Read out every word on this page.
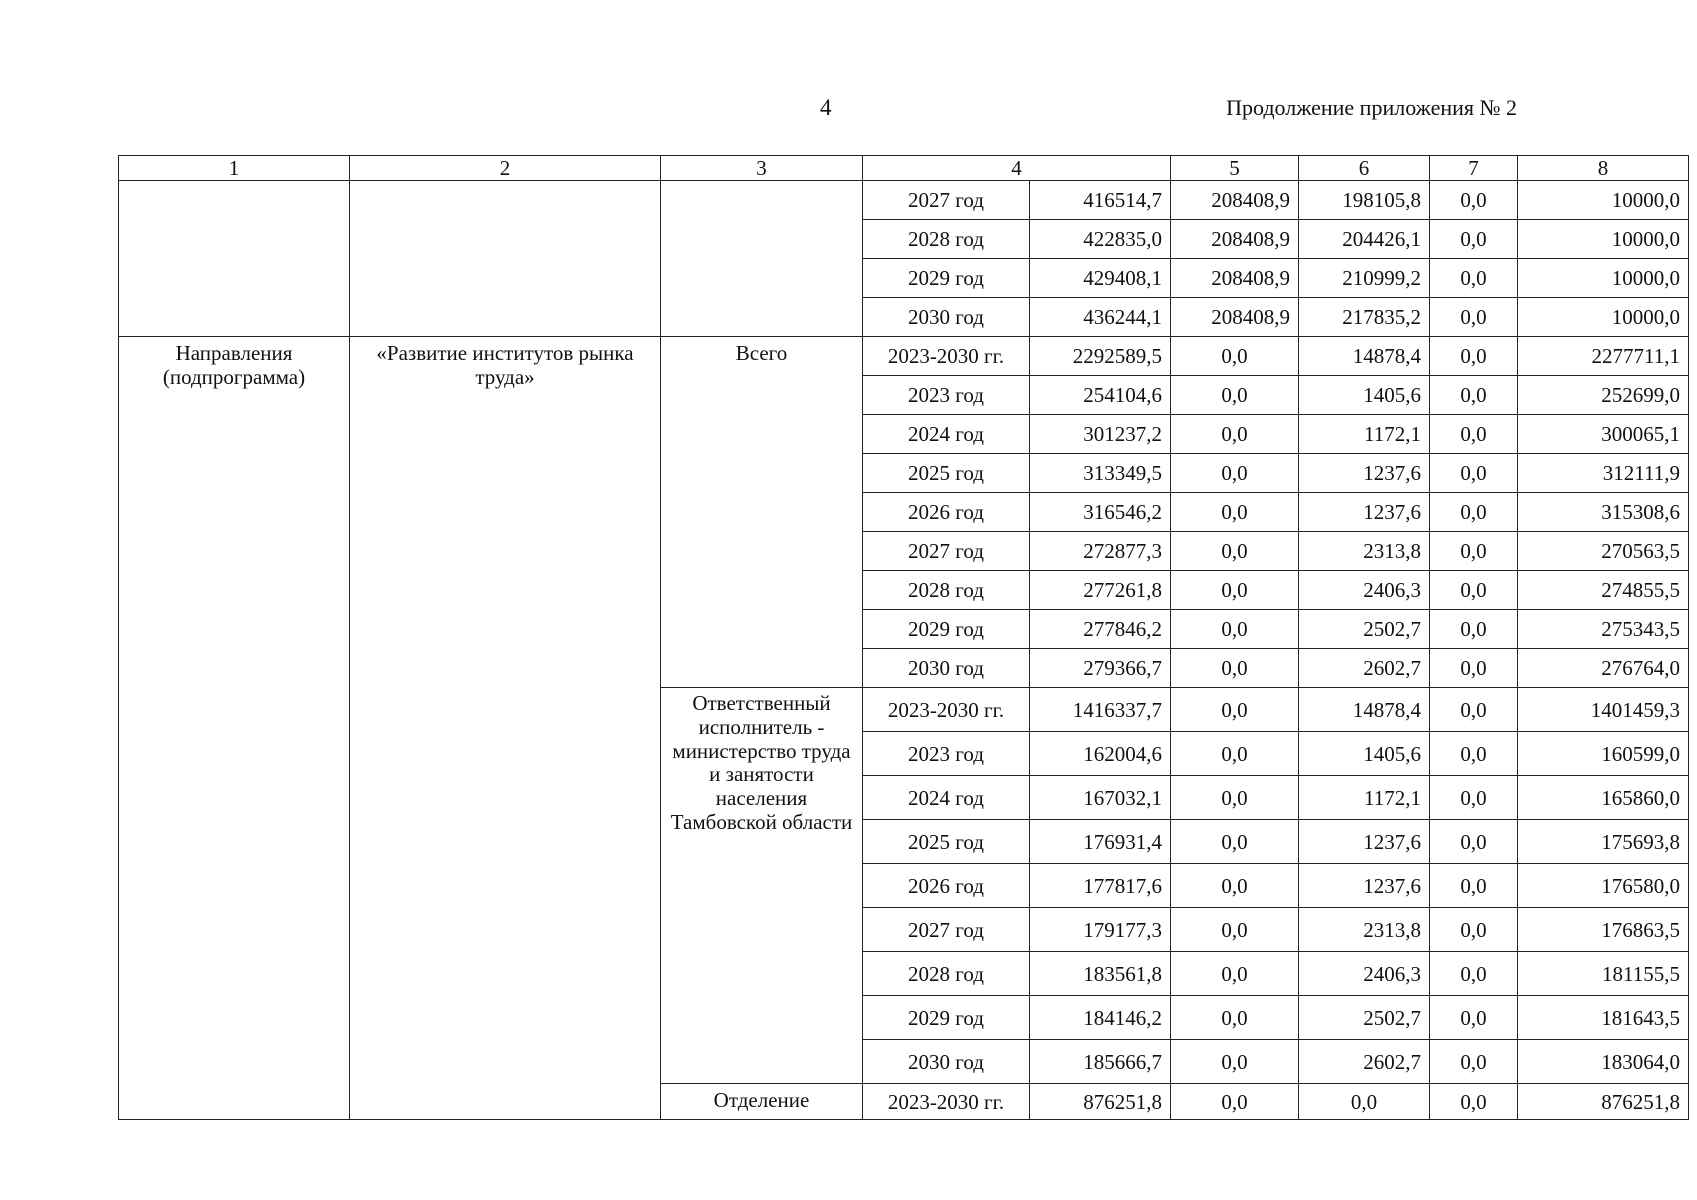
4	Продолжение приложения № 2
1	2	3	4		5	6	7	8
			2027 год	416514,7	208408,9	198105,8	0,0	10000,0
			2028 год	422835,0	208408,9	204426,1	0,0	10000,0
			2029 год	429408,1	208408,9	210999,2	0,0	10000,0
			2030 год	436244,1	208408,9	217835,2	0,0	10000,0
Направления (подпрограмма)	«Развитие институтов рынка труда»	Всего	2023-2030 гг.	2292589,5	0,0	14878,4	0,0	2277711,1
			2023 год	254104,6	0,0	1405,6	0,0	252699,0
			2024 год	301237,2	0,0	1172,1	0,0	300065,1
			2025 год	313349,5	0,0	1237,6	0,0	312111,9
			2026 год	316546,2	0,0	1237,6	0,0	315308,6
			2027 год	272877,3	0,0	2313,8	0,0	270563,5
			2028 год	277261,8	0,0	2406,3	0,0	274855,5
			2029 год	277846,2	0,0	2502,7	0,0	275343,5
			2030 год	279366,7	0,0	2602,7	0,0	276764,0
		Ответственный исполнитель - министерство труда и занятости населения Тамбовской области	2023-2030 гг.	1416337,7	0,0	14878,4	0,0	1401459,3
			2023 год	162004,6	0,0	1405,6	0,0	160599,0
			2024 год	167032,1	0,0	1172,1	0,0	165860,0
			2025 год	176931,4	0,0	1237,6	0,0	175693,8
			2026 год	177817,6	0,0	1237,6	0,0	176580,0
			2027 год	179177,3	0,0	2313,8	0,0	176863,5
			2028 год	183561,8	0,0	2406,3	0,0	181155,5
			2029 год	184146,2	0,0	2502,7	0,0	181643,5
			2030 год	185666,7	0,0	2602,7	0,0	183064,0
		Отделение	2023-2030 гг.	876251,8	0,0	0,0	0,0	876251,8
